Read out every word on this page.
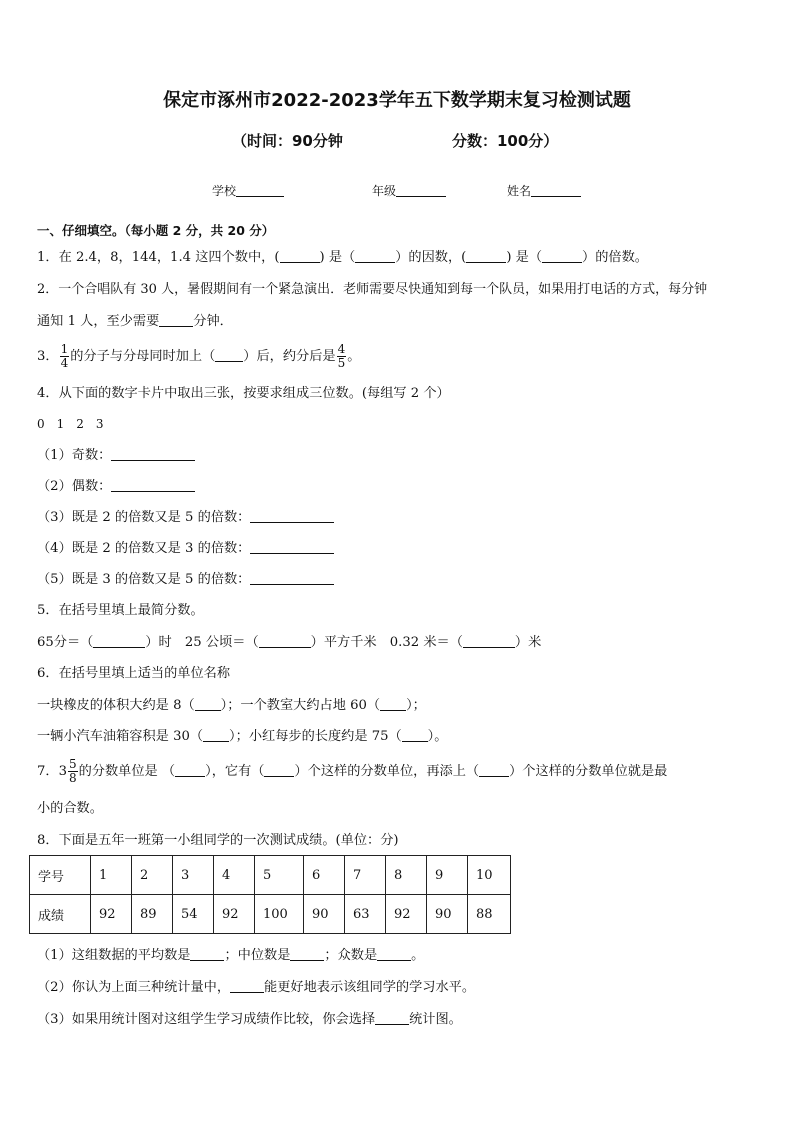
保定市涿州市2022-2023学年五下数学期末复习检测试题
（时间：90分钟	分数：100分）
学校	年级	姓名
一、仔细填空。（每小题 2 分，共 20 分）
1．在 2.4，8，144，1.4 这四个数中，(	) 是（	）的因数，(	) 是（	）的倍数。
2．一个合唱队有 30 人，暑假期间有一个紧急演出．老师需要尽快通知到每一个队员，如果用打电话的方式，每分钟
通知 1 人，至少需要	分钟．
3． $\frac{1}{4}$ 的分子与分母同时加上（ ）后，约分后是 $\frac{4}{5}$ 。
4．从下面的数字卡片中取出三张，按要求组成三位数。(每组写 2 个）
0　1　2　3
（1）奇数：
（2）偶数：
（3）既是 2 的倍数又是 5 的倍数：
（4）既是 2 的倍数又是 3 的倍数：
（5）既是 3 的倍数又是 5 的倍数：
5．在括号里填上最简分数。
65分＝（	）时　25 公顷＝（	）平方千米　0.32 米＝（	）米
6．在括号里填上适当的单位名称
一块橡皮的体积大约是 8（ ）；一个教室大约占地 60（ ）；
一辆小汽车油箱容积是 30（ ）；小红每步的长度约是 75（ ）。
7．$3 \frac{5}{8}$ 的分数单位是 （ ），它有（ ）个这样的分数单位，再添上（ ）个这样的分数单位就是最
小的合数。
8．下面是五年一班第一小组同学的一次测试成绩。(单位：分)
学号	1	2	3	4	5	6	7	8	9	10
成绩	92	89	54	92	100	90	63	92	90	88
（1）这组数据的平均数是	；中位数是	；众数是	。
（2）你认为上面三种统计量中，	能更好地表示该组同学的学习水平。
（3）如果用统计图对这组学生学习成绩作比较，你会选择	统计图。
